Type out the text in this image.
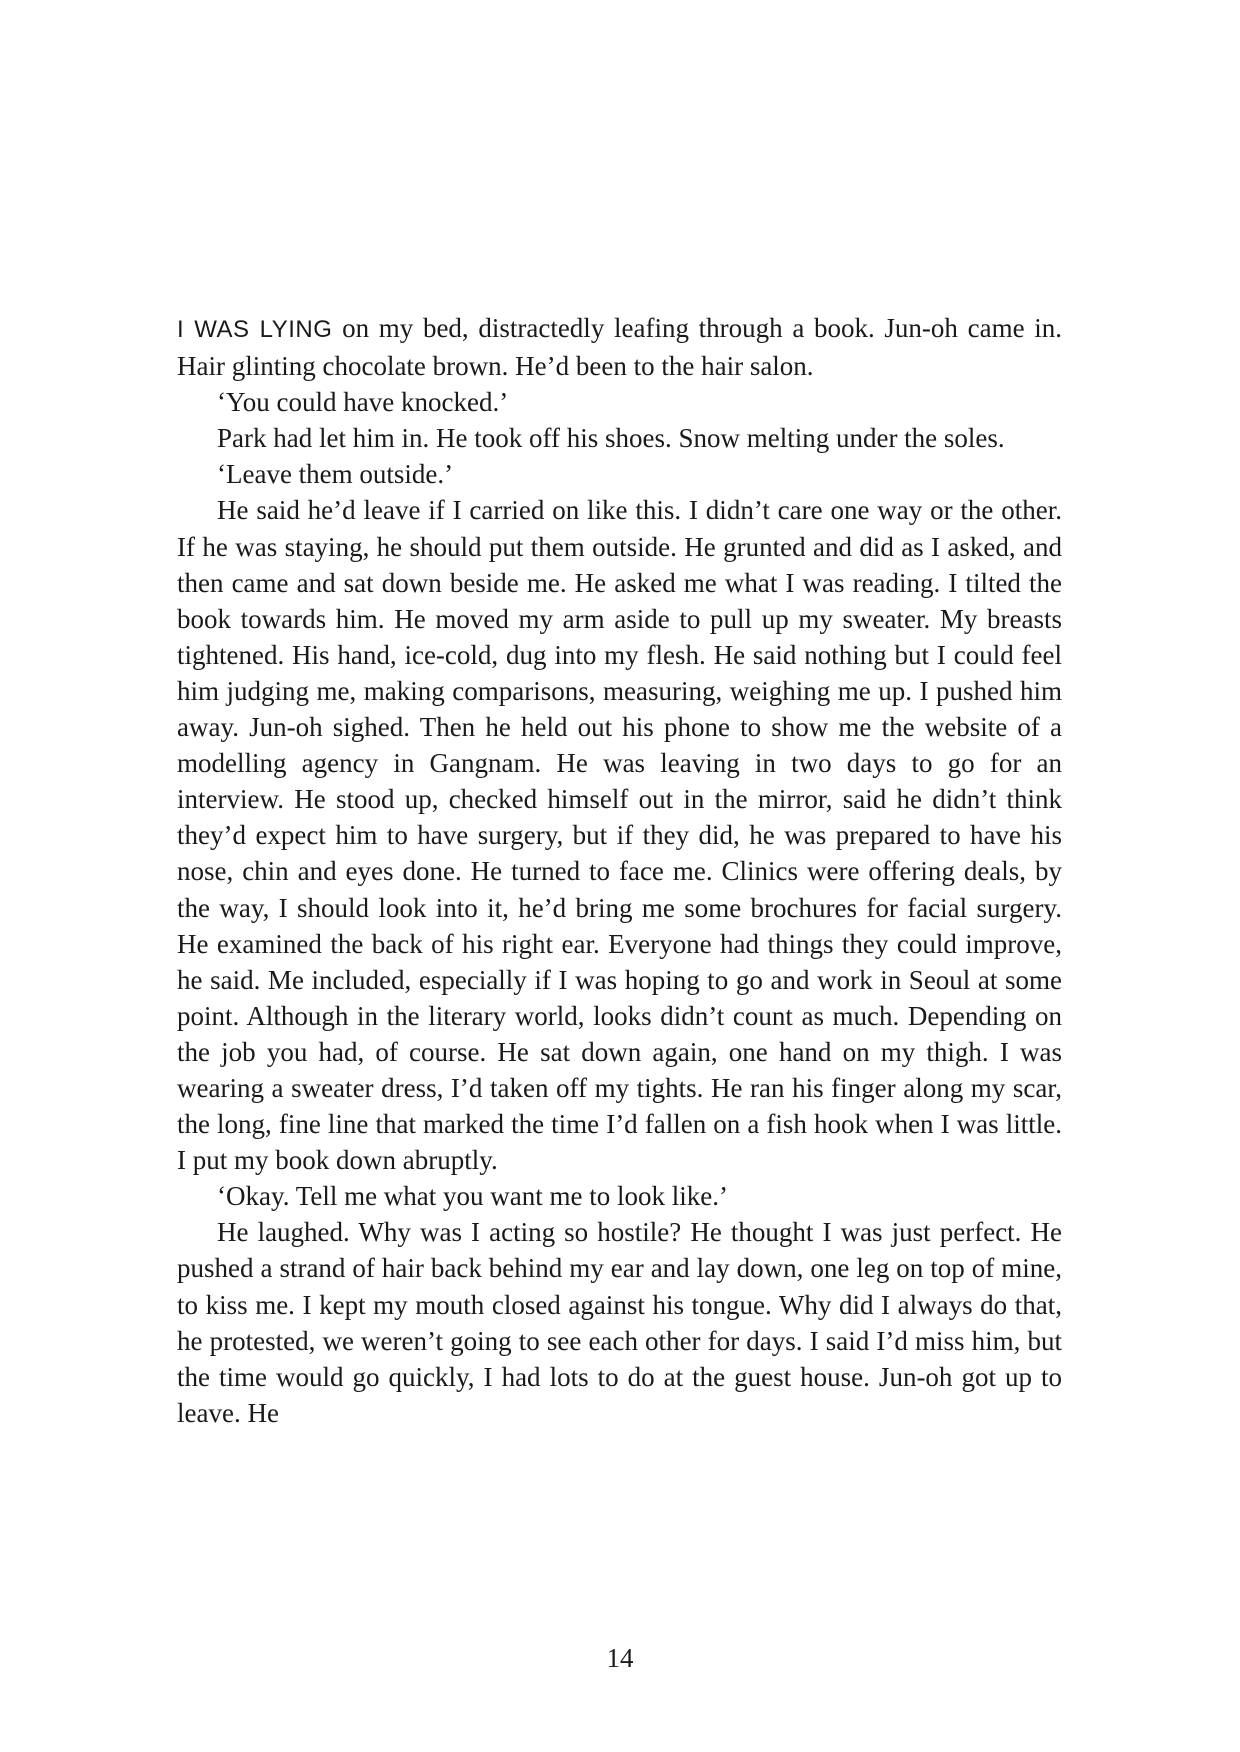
I WAS LYING on my bed, distractedly leafing through a book. Jun-oh came in. Hair glinting chocolate brown. He’d been to the hair salon.

‘You could have knocked.’

Park had let him in. He took off his shoes. Snow melting under the soles.

‘Leave them outside.’

He said he’d leave if I carried on like this. I didn’t care one way or the other. If he was staying, he should put them outside. He grunted and did as I asked, and then came and sat down beside me. He asked me what I was reading. I tilted the book towards him. He moved my arm aside to pull up my sweater. My breasts tightened. His hand, ice-cold, dug into my flesh. He said nothing but I could feel him judging me, making comparisons, measuring, weighing me up. I pushed him away. Jun-oh sighed. Then he held out his phone to show me the website of a modelling agency in Gangnam. He was leaving in two days to go for an interview. He stood up, checked himself out in the mirror, said he didn’t think they’d expect him to have surgery, but if they did, he was prepared to have his nose, chin and eyes done. He turned to face me. Clinics were offering deals, by the way, I should look into it, he’d bring me some brochures for facial surgery. He examined the back of his right ear. Everyone had things they could improve, he said. Me included, especially if I was hoping to go and work in Seoul at some point. Although in the literary world, looks didn’t count as much. Depending on the job you had, of course. He sat down again, one hand on my thigh. I was wearing a sweater dress, I’d taken off my tights. He ran his finger along my scar, the long, fine line that marked the time I’d fallen on a fish hook when I was little. I put my book down abruptly.

‘Okay. Tell me what you want me to look like.’

He laughed. Why was I acting so hostile? He thought I was just perfect. He pushed a strand of hair back behind my ear and lay down, one leg on top of mine, to kiss me. I kept my mouth closed against his tongue. Why did I always do that, he protested, we weren’t going to see each other for days. I said I’d miss him, but the time would go quickly, I had lots to do at the guest house. Jun-oh got up to leave. He

14
